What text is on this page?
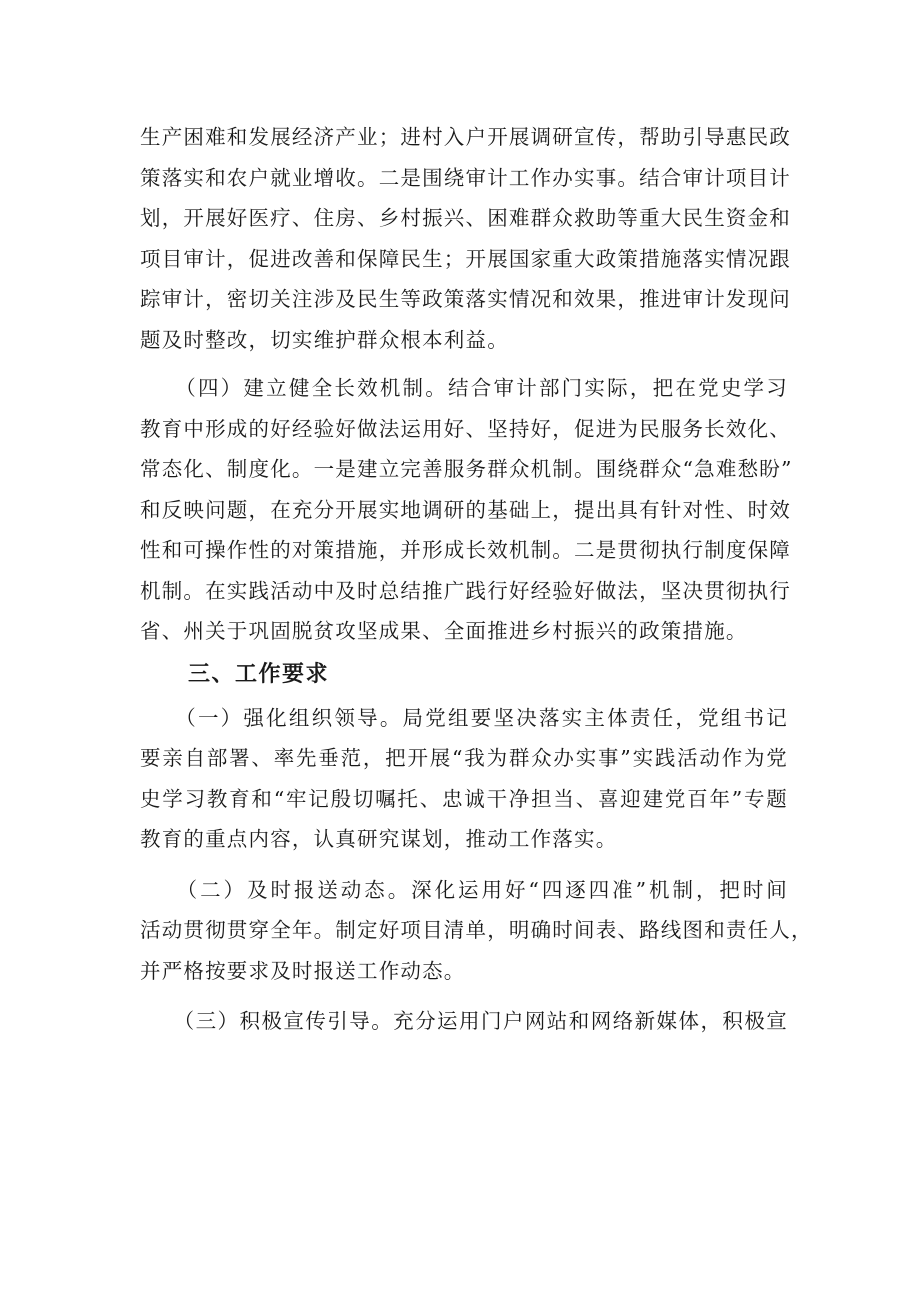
生产困难和发展经济产业；进村入户开展调研宣传，帮助引导惠民政
策落实和农户就业增收。二是围绕审计工作办实事。结合审计项目计
划，开展好医疗、住房、乡村振兴、困难群众救助等重大民生资金和
项目审计，促进改善和保障民生；开展国家重大政策措施落实情况跟
踪审计，密切关注涉及民生等政策落实情况和效果，推进审计发现问
题及时整改，切实维护群众根本利益。

　　（四）建立健全长效机制。结合审计部门实际，把在党史学习
教育中形成的好经验好做法运用好、坚持好，促进为民服务长效化、
常态化、制度化。一是建立完善服务群众机制。围绕群众“急难愁盼”
和反映问题，在充分开展实地调研的基础上，提出具有针对性、时效
性和可操作性的对策措施，并形成长效机制。二是贯彻执行制度保障
机制。在实践活动中及时总结推广践行好经验好做法，坚决贯彻执行
省、州关于巩固脱贫攻坚成果、全面推进乡村振兴的政策措施。

三、工作要求

　　（一）强化组织领导。局党组要坚决落实主体责任，党组书记
要亲自部署、率先垂范，把开展“我为群众办实事”实践活动作为党
史学习教育和“牢记殷切嘱托、忠诚干净担当、喜迎建党百年”专题
教育的重点内容，认真研究谋划，推动工作落实。

　　（二）及时报送动态。深化运用好“四逐四准”机制，把时间
活动贯彻贯穿全年。制定好项目清单，明确时间表、路线图和责任人，
并严格按要求及时报送工作动态。

　　（三）积极宣传引导。充分运用门户网站和网络新媒体，积极宣
